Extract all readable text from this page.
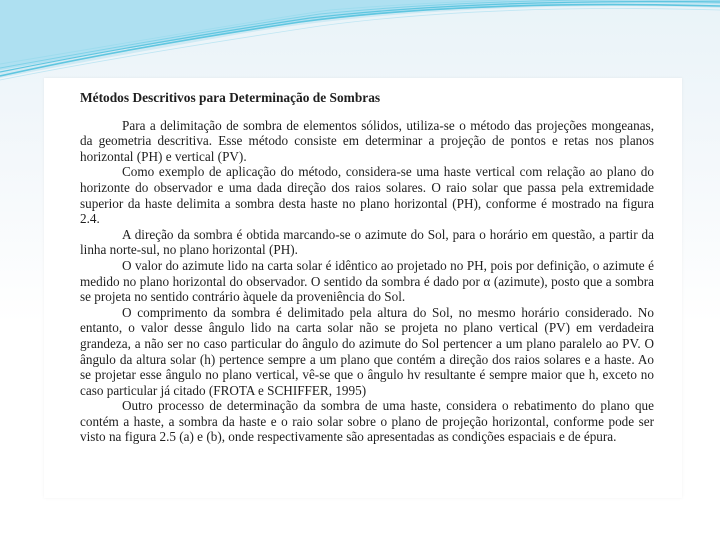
Métodos Descritivos para Determinação de Sombras

Para a delimitação de sombra de elementos sólidos, utiliza-se o método das projeções mongeanas, da geometria descritiva. Esse método consiste em determinar a projeção de pontos e retas nos planos horizontal (PH) e vertical (PV).

Como exemplo de aplicação do método, considera-se uma haste vertical com relação ao plano do horizonte do observador e uma dada direção dos raios solares. O raio solar que passa pela extremidade superior da haste delimita a sombra desta haste no plano horizontal (PH), conforme é mostrado na figura 2.4.

A direção da sombra é obtida marcando-se o azimute do Sol, para o horário em questão, a partir da linha norte-sul, no plano horizontal (PH).

O valor do azimute lido na carta solar é idêntico ao projetado no PH, pois por definição, o azimute é medido no plano horizontal do observador. O sentido da sombra é dado por α (azimute), posto que a sombra se projeta no sentido contrário àquele da proveniência do Sol.

O comprimento da sombra é delimitado pela altura do Sol, no mesmo horário considerado. No entanto, o valor desse ângulo lido na carta solar não se projeta no plano vertical (PV) em verdadeira grandeza, a não ser no caso particular do ângulo do azimute do Sol pertencer a um plano paralelo ao PV. O ângulo da altura solar (h) pertence sempre a um plano que contém a direção dos raios solares e a haste. Ao se projetar esse ângulo no plano vertical, vê-se que o ângulo hv resultante é sempre maior que h, exceto no caso particular já citado (FROTA e SCHIFFER, 1995)

Outro processo de determinação da sombra de uma haste, considera o rebatimento do plano que contém a haste, a sombra da haste e o raio solar sobre o plano de projeção horizontal, conforme pode ser visto na figura 2.5 (a) e (b), onde respectivamente são apresentadas as condições espaciais e de épura.
